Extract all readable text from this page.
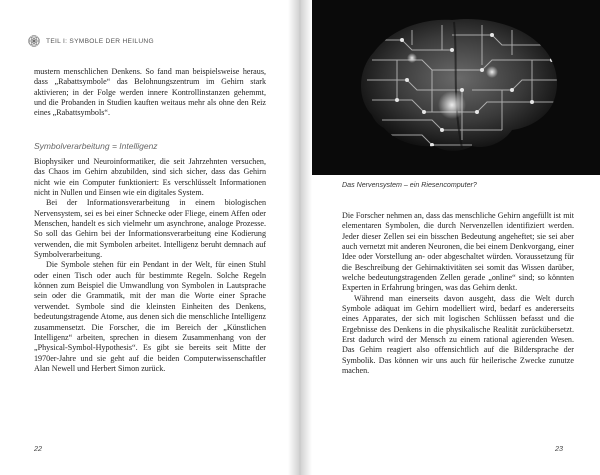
TEIL I: SYMBOLE DER HEILUNG

mustern menschlichen Denkens. So fand man beispielsweise heraus, dass „Rabattsymbole“ das Belohnungszentrum im Gehirn stark aktivieren; in der Folge werden innere Kontrollinstanzen gehemmt, und die Probanden in Studien kauften weitaus mehr als ohne den Reiz eines „Rabattsymbols“.

Symbolverarbeitung = Intelligenz

Biophysiker und Neuroinformatiker, die seit Jahrzehnten versuchen, das Chaos im Gehirn abzubilden, sind sich sicher, dass das Gehirn nicht wie ein Computer funktioniert: Es verschlüsselt Informationen nicht in Nullen und Einsen wie ein digitales System.

Bei der Informationsverarbeitung in einem biologischen Nervensystem, sei es bei einer Schnecke oder Fliege, einem Affen oder Menschen, handelt es sich vielmehr um asynchrone, analoge Prozesse. So soll das Gehirn bei der Informationsverarbeitung eine Kodierung verwenden, die mit Symbolen arbeitet. Intelligenz beruht demnach auf Symbolverarbeitung.

Die Symbole stehen für ein Pendant in der Welt, für einen Stuhl oder einen Tisch oder auch für bestimmte Regeln. Solche Regeln können zum Beispiel die Umwandlung von Symbolen in Lautsprache sein oder die Grammatik, mit der man die Worte einer Sprache verwendet. Symbole sind die kleinsten Einheiten des Denkens, bedeutungstragende Atome, aus denen sich die menschliche Intelligenz zusammensetzt. Die Forscher, die im Bereich der „Künstlichen Intelligenz“ arbeiten, sprechen in diesem Zusammenhang von der „Physical-Symbol-Hypothesis“. Es gibt sie bereits seit Mitte der 1970er-Jahre und sie geht auf die beiden Computerwissenschaftler Alan Newell und Herbert Simon zurück.

22
Das Nervensystem – ein Riesencomputer?

Die Forscher nehmen an, dass das menschliche Gehirn angefüllt ist mit elementaren Symbolen, die durch Nervenzellen identifiziert werden. Jeder dieser Zellen sei ein bisschen Bedeutung angeheftet; sie sei aber auch vernetzt mit anderen Neuronen, die bei einem Denkvorgang, einer Idee oder Vorstellung an- oder abgeschaltet würden. Voraussetzung für die Beschreibung der Gehirnaktivitäten sei somit das Wissen darüber, welche bedeutungstragenden Zellen gerade „online“ sind; so könnten Experten in Erfahrung bringen, was das Gehirn denkt.

Während man einerseits davon ausgeht, dass die Welt durch Symbole adäquat im Gehirn modelliert wird, bedarf es andererseits eines Apparates, der sich mit logischen Schlüssen befasst und die Ergebnisse des Denkens in die physikalische Realität zurückübersetzt. Erst dadurch wird der Mensch zu einem rational agierenden Wesen. Das Gehirn reagiert also offensichtlich auf die Bildersprache der Symbolik. Das können wir uns auch für heilerische Zwecke zunutze machen.

23
